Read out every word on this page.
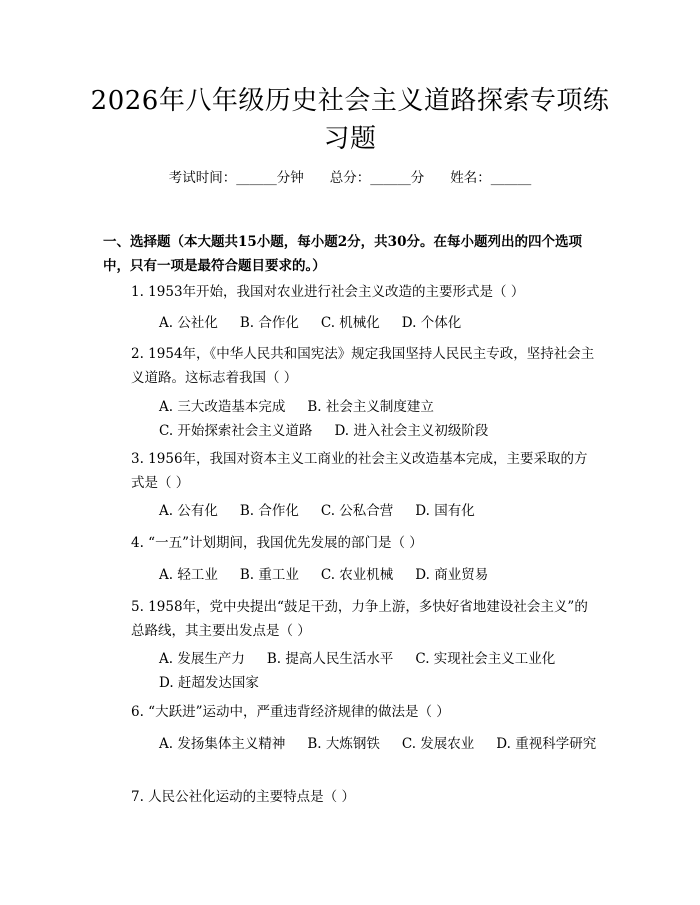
2026年八年级历史社会主义道路探索专项练习题
考试时间：______分钟 总分：______分 姓名：______
一、选择题（本大题共15小题，每小题2分，共30分。在每小题列出的四个选项中，只有一项是最符合题目要求的。）
1. 1953年开始，我国对农业进行社会主义改造的主要形式是（ ）
A. 公社化 B. 合作化 C. 机械化 D. 个体化
2. 1954年，《中华人民共和国宪法》规定我国坚持人民民主专政，坚持社会主义道路。这标志着我国（ ）
A. 三大改造基本完成 B. 社会主义制度建立C. 开始探索社会主义道路 D. 进入社会主义初级阶段
3. 1956年，我国对资本主义工商业的社会主义改造基本完成，主要采取的方式是（ ）
A. 公有化 B. 合作化 C. 公私合营 D. 国有化
4. “一五”计划期间，我国优先发展的部门是（ ）
A. 轻工业 B. 重工业 C. 农业机械 D. 商业贸易
5. 1958年，党中央提出“鼓足干劲，力争上游，多快好省地建设社会主义”的总路线，其主要出发点是（ ）
A. 发展生产力 B. 提高人民生活水平 C. 实现社会主义工业化D. 赶超发达国家
6. “大跃进”运动中，严重违背经济规律的做法是（ ）
A. 发扬集体主义精神 B. 大炼钢铁 C. 发展农业 D. 重视科学研究
7. 人民公社化运动的主要特点是（ ）
